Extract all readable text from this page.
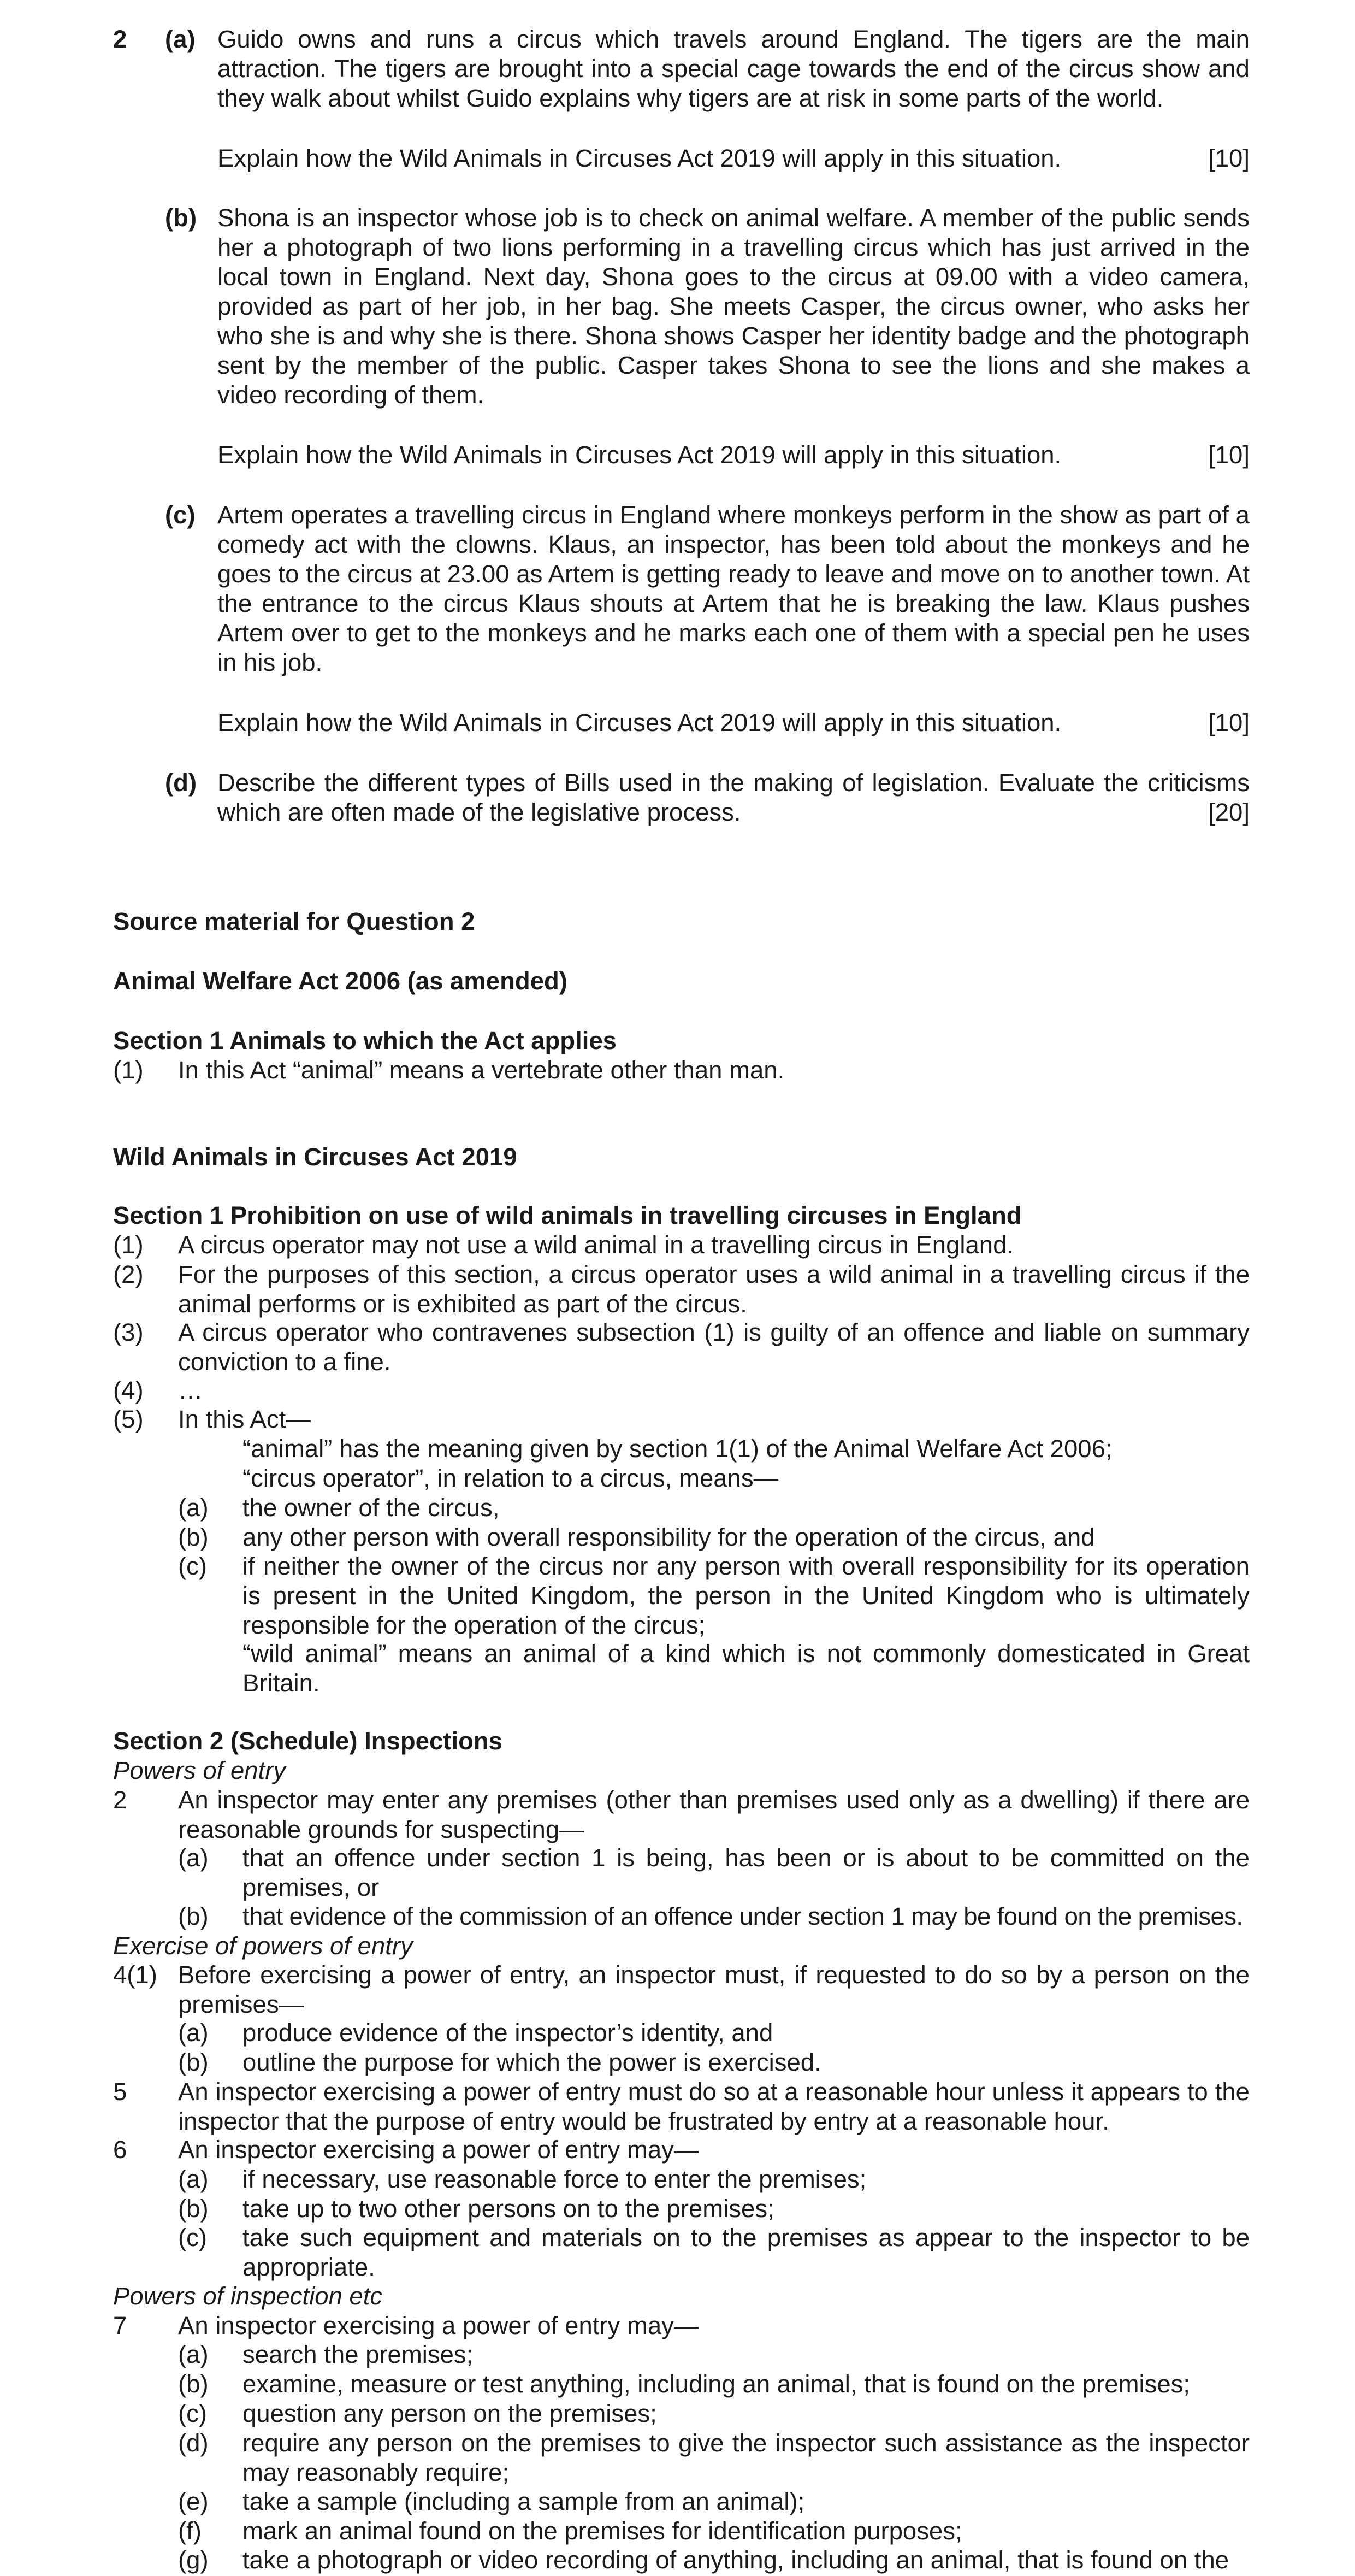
2 (a) Guido owns and runs a circus which travels around England. The tigers are the main attraction. The tigers are brought into a special cage towards the end of the circus show and they walk about whilst Guido explains why tigers are at risk in some parts of the world.

Explain how the Wild Animals in Circuses Act 2019 will apply in this situation.	[10]
(b) Shona is an inspector whose job is to check on animal welfare. A member of the public sends her a photograph of two lions performing in a travelling circus which has just arrived in the local town in England. Next day, Shona goes to the circus at 09.00 with a video camera, provided as part of her job, in her bag. She meets Casper, the circus owner, who asks her who she is and why she is there. Shona shows Casper her identity badge and the photograph sent by the member of the public. Casper takes Shona to see the lions and she makes a video recording of them.

Explain how the Wild Animals in Circuses Act 2019 will apply in this situation.	[10]
(c) Artem operates a travelling circus in England where monkeys perform in the show as part of a comedy act with the clowns. Klaus, an inspector, has been told about the monkeys and he goes to the circus at 23.00 as Artem is getting ready to leave and move on to another town. At the entrance to the circus Klaus shouts at Artem that he is breaking the law. Klaus pushes Artem over to get to the monkeys and he marks each one of them with a special pen he uses in his job.

Explain how the Wild Animals in Circuses Act 2019 will apply in this situation.	[10]
(d) Describe the different types of Bills used in the making of legislation. Evaluate the criticisms which are often made of the legislative process.	[20]
Source material for Question 2
Animal Welfare Act 2006 (as amended)
Section 1 Animals to which the Act applies
(1) In this Act “animal” means a vertebrate other than man.
Wild Animals in Circuses Act 2019
Section 1 Prohibition on use of wild animals in travelling circuses in England
(1) A circus operator may not use a wild animal in a travelling circus in England.

(2) For the purposes of this section, a circus operator uses a wild animal in a travelling circus if the animal performs or is exhibited as part of the circus.

(3) A circus operator who contravenes subsection (1) is guilty of an offence and liable on summary conviction to a fine.

(4) …

(5) In this Act—

“animal” has the meaning given by section 1(1) of the Animal Welfare Act 2006;

“circus operator”, in relation to a circus, means—

(a) the owner of the circus,

(b) any other person with overall responsibility for the operation of the circus, and

(c) if neither the owner of the circus nor any person with overall responsibility for its operation is present in the United Kingdom, the person in the United Kingdom who is ultimately responsible for the operation of the circus;

“wild animal” means an animal of a kind which is not commonly domesticated in Great Britain.

Section 2 (Schedule) Inspections
Powers of entry
2 An inspector may enter any premises (other than premises used only as a dwelling) if there are reasonable grounds for suspecting—

(a) that an offence under section 1 is being, has been or is about to be committed on the premises, or

(b) that evidence of the commission of an offence under section 1 may be found on the premises.

Exercise of powers of entry
4(1) Before exercising a power of entry, an inspector must, if requested to do so by a person on the premises—

(a) produce evidence of the inspector’s identity, and

(b) outline the purpose for which the power is exercised.

5 An inspector exercising a power of entry must do so at a reasonable hour unless it appears to the inspector that the purpose of entry would be frustrated by entry at a reasonable hour.

6 An inspector exercising a power of entry may—

(a) if necessary, use reasonable force to enter the premises;

(b) take up to two other persons on to the premises;

(c) take such equipment and materials on to the premises as appear to the inspector to be appropriate.

Powers of inspection etc
7 An inspector exercising a power of entry may—

(a) search the premises;

(b) examine, measure or test anything, including an animal, that is found on the premises;

(c) question any person on the premises;

(d) require any person on the premises to give the inspector such assistance as the inspector may reasonably require;

(e) take a sample (including a sample from an animal);

(f) mark an animal found on the premises for identification purposes;

(g) take a photograph or video recording of anything, including an animal, that is found on the
